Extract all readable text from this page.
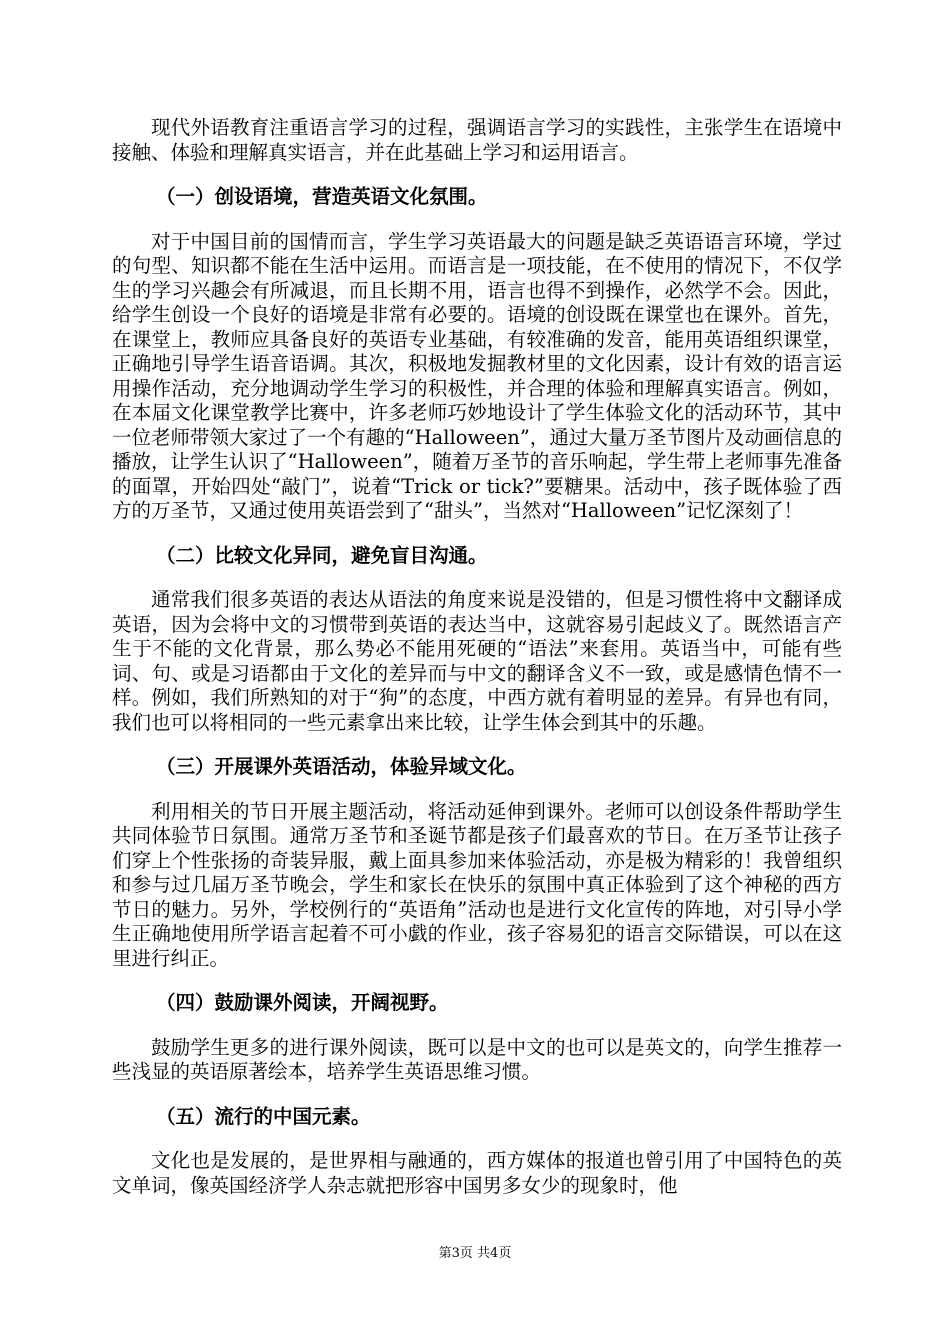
现代外语教育注重语言学习的过程，强调语言学习的实践性，主张学生在语境中接触、体验和理解真实语言，并在此基础上学习和运用语言。

（一）创设语境，营造英语文化氛围。

对于中国目前的国情而言，学生学习英语最大的问题是缺乏英语语言环境，学过的句型、知识都不能在生活中运用。而语言是一项技能，在不使用的情况下，不仅学生的学习兴趣会有所减退，而且长期不用，语言也得不到操作，必然学不会。因此，给学生创设一个良好的语境是非常有必要的。语境的创设既在课堂也在课外。首先，在课堂上，教师应具备良好的英语专业基础，有较准确的发音，能用英语组织课堂，正确地引导学生语音语调。其次，积极地发掘教材里的文化因素，设计有效的语言运用操作活动，充分地调动学生学习的积极性，并合理的体验和理解真实语言。例如，在本届文化课堂教学比赛中，许多老师巧妙地设计了学生体验文化的活动环节，其中一位老师带领大家过了一个有趣的“Halloween”，通过大量万圣节图片及动画信息的播放，让学生认识了“Halloween”，随着万圣节的音乐响起，学生带上老师事先准备的面罩，开始四处“敲门”，说着“Trick or tick?”要糖果。活动中，孩子既体验了西方的万圣节，又通过使用英语尝到了“甜头”，当然对“Halloween”记忆深刻了！

（二）比较文化异同，避免盲目沟通。

通常我们很多英语的表达从语法的角度来说是没错的，但是习惯性将中文翻译成英语，因为会将中文的习惯带到英语的表达当中，这就容易引起歧义了。既然语言产生于不能的文化背景，那么势必不能用死硬的“语法”来套用。英语当中，可能有些词、句、或是习语都由于文化的差异而与中文的翻译含义不一致，或是感情色情不一样。例如，我们所熟知的对于“狗”的态度，中西方就有着明显的差异。有异也有同，我们也可以将相同的一些元素拿出来比较，让学生体会到其中的乐趣。

（三）开展课外英语活动，体验异域文化。

利用相关的节日开展主题活动，将活动延伸到课外。老师可以创设条件帮助学生共同体验节日氛围。通常万圣节和圣诞节都是孩子们最喜欢的节日。在万圣节让孩子们穿上个性张扬的奇装异服，戴上面具参加来体验活动，亦是极为精彩的！我曾组织和参与过几届万圣节晚会，学生和家长在快乐的氛围中真正体验到了这个神秘的西方节日的魅力。另外，学校例行的“英语角”活动也是进行文化宣传的阵地，对引导小学生正确地使用所学语言起着不可小戯的作业，孩子容易犯的语言交际错误，可以在这里进行纠正。

（四）鼓励课外阅读，开阔视野。

鼓励学生更多的进行课外阅读，既可以是中文的也可以是英文的，向学生推荐一些浅显的英语原著绘本，培养学生英语思维习惯。

（五）流行的中国元素。

文化也是发展的，是世界相与融通的，西方媒体的报道也曾引用了中国特色的英文单词，像英国经济学人杂志就把形容中国男多女少的现象时，他

第3页 共4页
